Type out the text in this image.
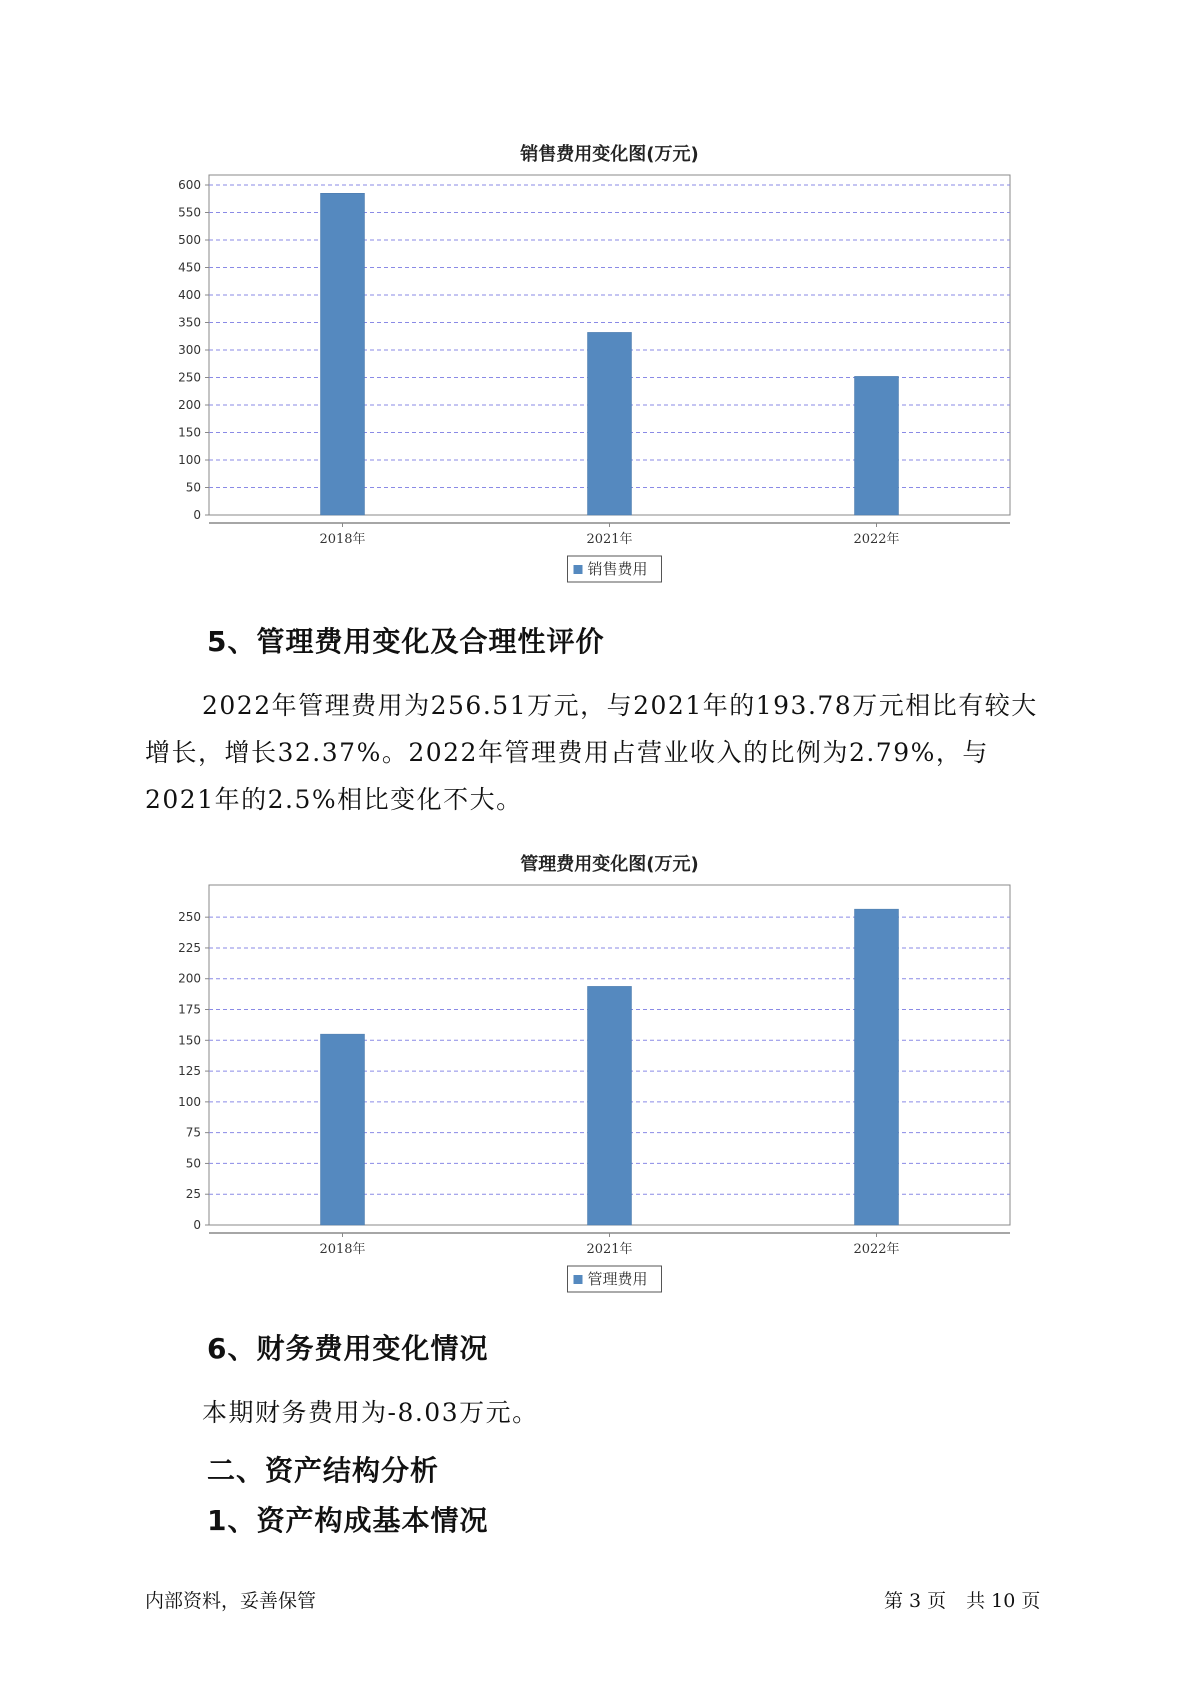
销售费用变化图(万元)
0
50
100
150
200
250
300
350
400
450
500
550
600
2018年	2021年	2022年
销售费用
5、管理费用变化及合理性评价

2022年管理费用为256.51万元，与2021年的193.78万元相比有较大增长，增长32.37%。2022年管理费用占营业收入的比例为2.79%，与2021年的2.5%相比变化不大。

管理费用变化图(万元)
0
25
50
75
100
125
150
175
200
225
250
2018年	2021年	2022年
管理费用
6、财务费用变化情况

本期财务费用为-8.03万元。

二、资产结构分析
1、资产构成基本情况
内部资料，妥善保管	第 3 页 共 10 页
